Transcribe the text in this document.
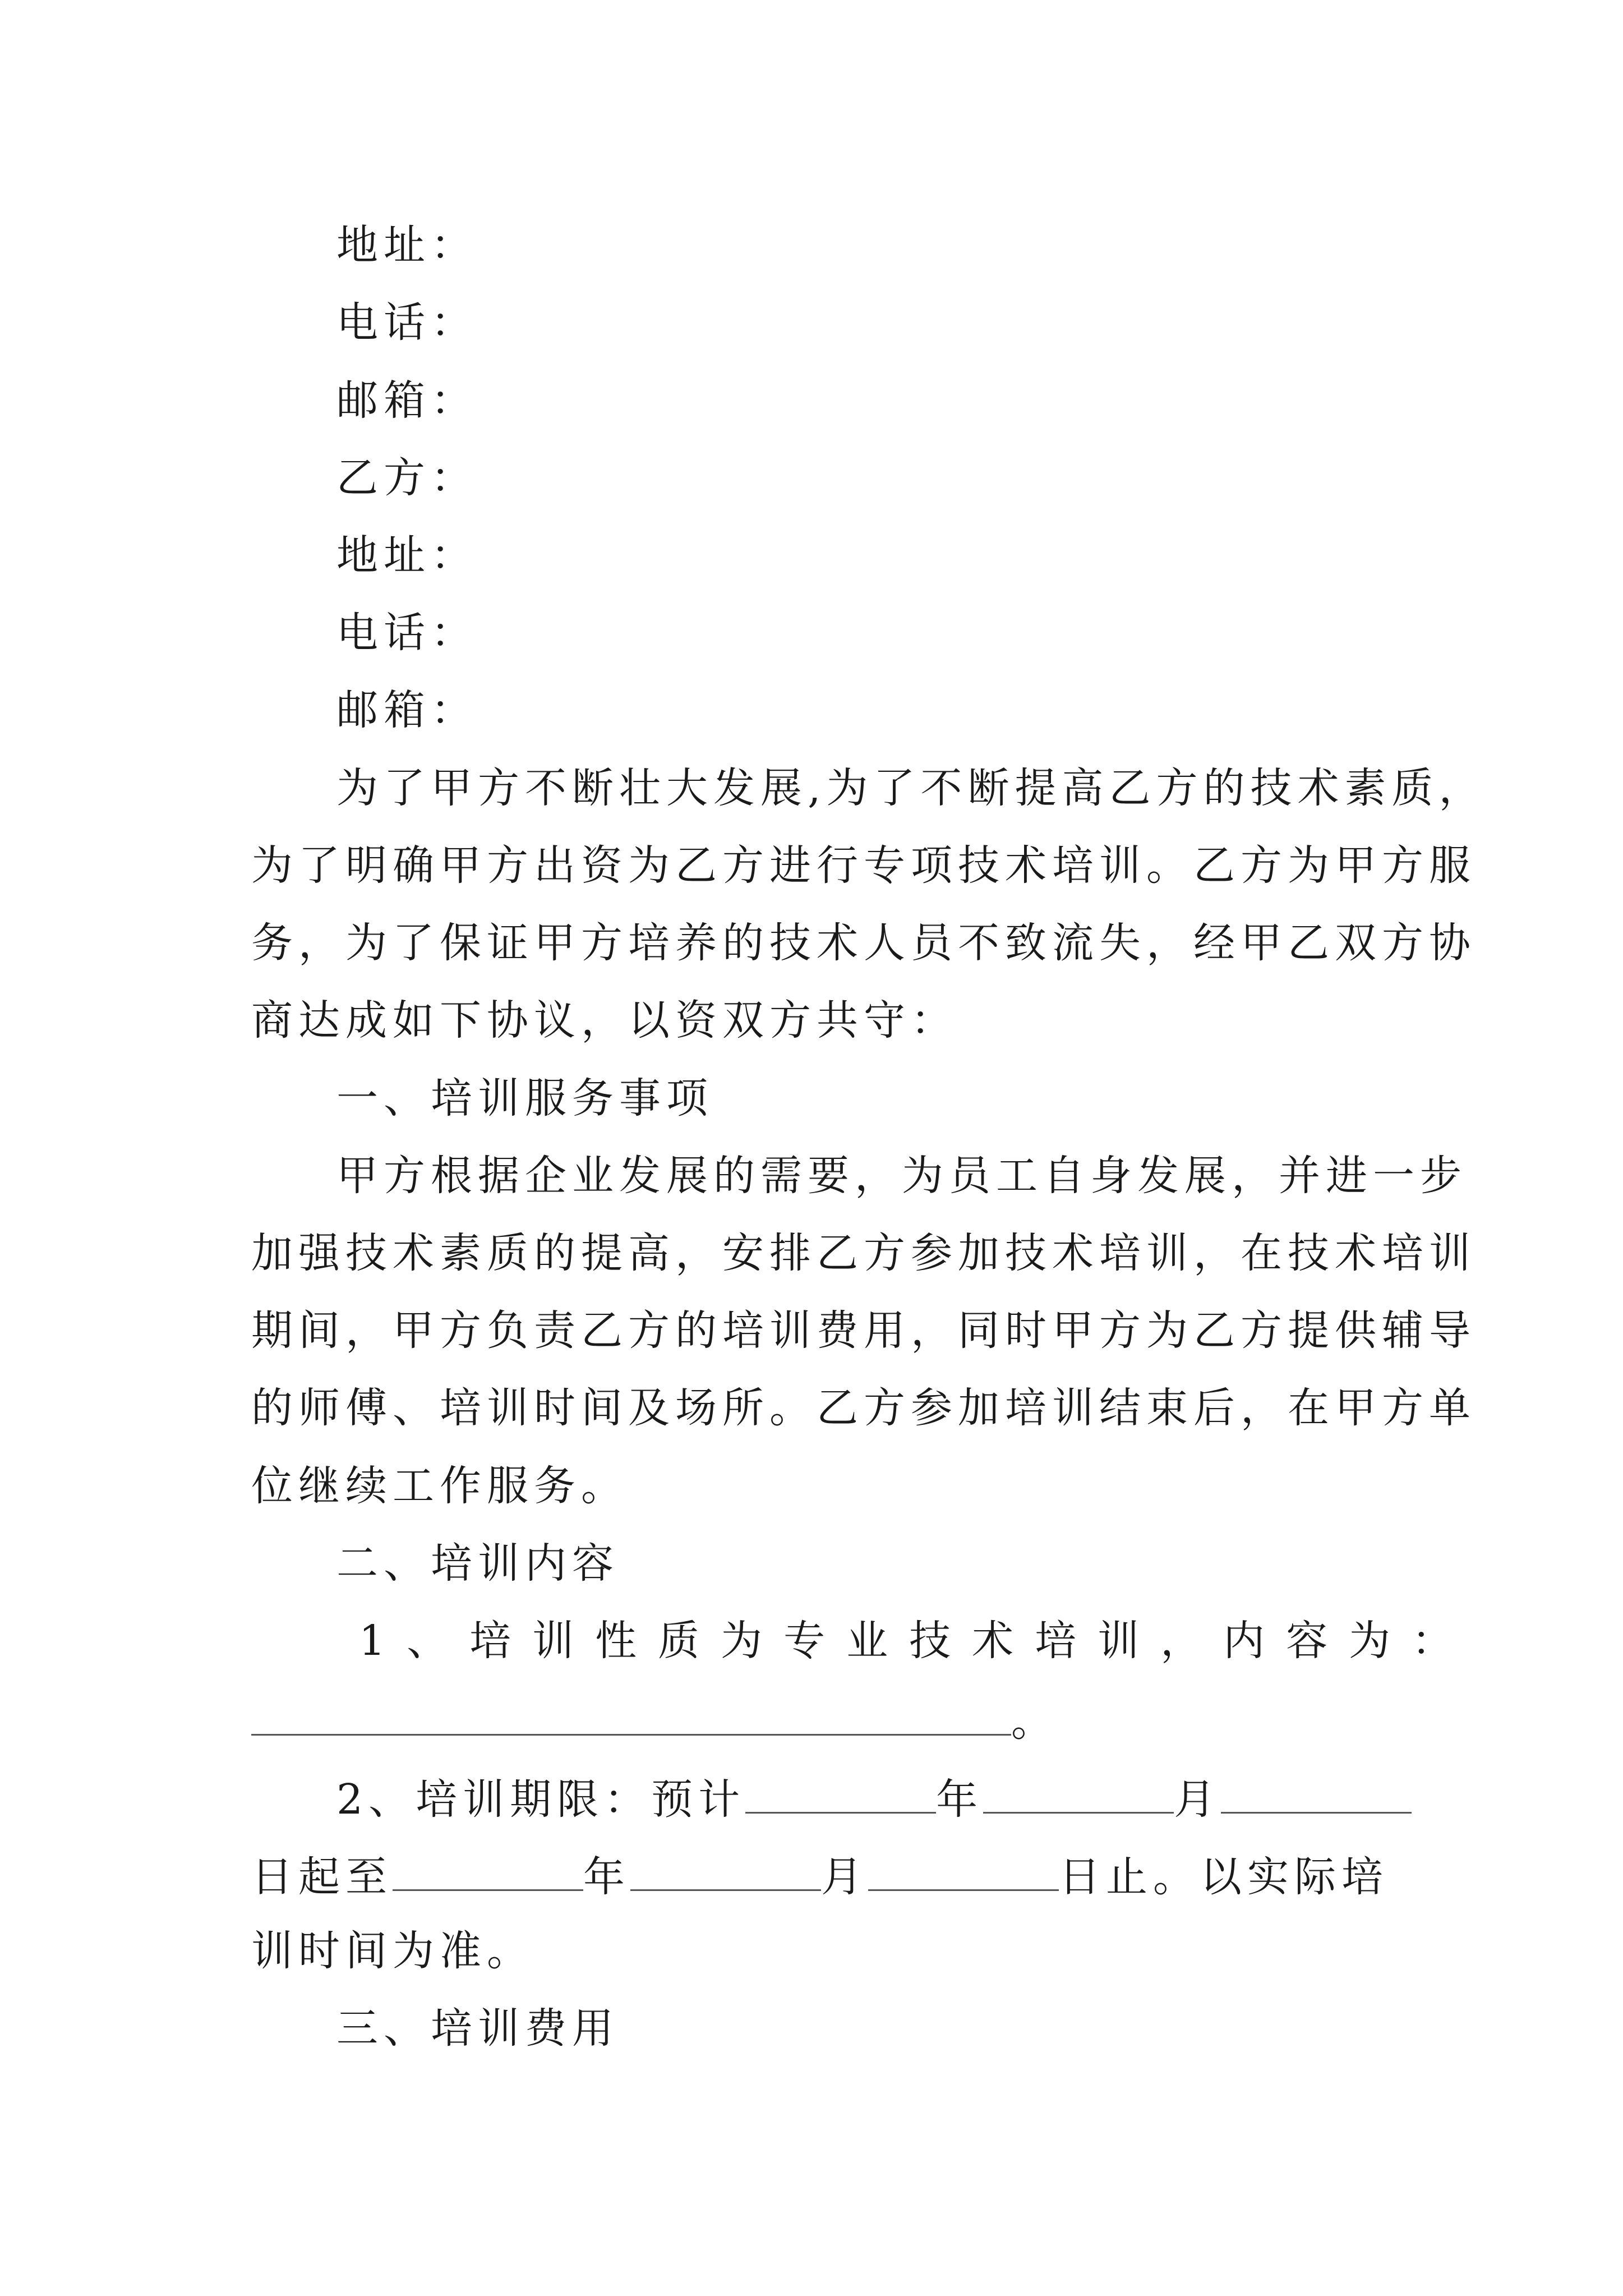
地址：
电话：
邮箱：
乙方：
地址：
电话：
邮箱：
为了甲方不断壮大发展,为了不断提高乙方的技术素质，
为了明确甲方出资为乙方进行专项技术培训。乙方为甲方服
务，为了保证甲方培养的技术人员不致流失，经甲乙双方协
商达成如下协议，以资双方共守：
一、培训服务事项
甲方根据企业发展的需要，为员工自身发展，并进一步
加强技术素质的提高，安排乙方参加技术培训，在技术培训
期间，甲方负责乙方的培训费用，同时甲方为乙方提供辅导
的师傅、培训时间及场所。乙方参加培训结束后，在甲方单
位继续工作服务。
二、培训内容
1、培训性质为专业技术培训，内容为：
。
2、培训期限：预计	年	月
日起至	年	月	日止。以实际培
训时间为准。
三、培训费用
